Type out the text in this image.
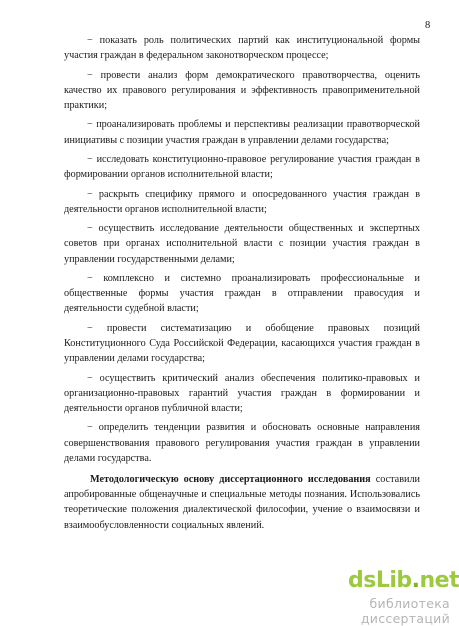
8

− показать роль политических партий как институциональной формы участия граждан в федеральном законотворческом процессе;

− провести анализ форм демократического правотворчества, оценить качество их правового регулирования и эффективность правоприменительной практики;

− проанализировать проблемы и перспективы реализации правотворческой инициативы с позиции участия граждан в управлении делами государства;

− исследовать конституционно-правовое регулирование участия граждан в формировании органов исполнительной власти;

− раскрыть специфику прямого и опосредованного участия граждан в деятельности органов исполнительной власти;

− осуществить исследование деятельности общественных и экспертных советов при органах исполнительной власти с позиции участия граждан в управлении государственными делами;

− комплексно и системно проанализировать профессиональные и общественные формы участия граждан в отправлении правосудия и деятельности судебной власти;

− провести систематизацию и обобщение правовых позиций Конституционного Суда Российской Федерации, касающихся участия граждан в управлении делами государства;

− осуществить критический анализ обеспечения политико-правовых и организационно-правовых гарантий участия граждан в формировании и деятельности органов публичной власти;

− определить тенденции развития и обосновать основные направления совершенствования правового регулирования участия граждан в управлении делами государства.

Методологическую основу диссертационного исследования составили апробированные общенаучные и специальные методы познания. Использовались теоретические положения диалектической философии, учение о взаимосвязи и взаимообусловленности социальных явлений.

dsLib.net
библиотека диссертаций
